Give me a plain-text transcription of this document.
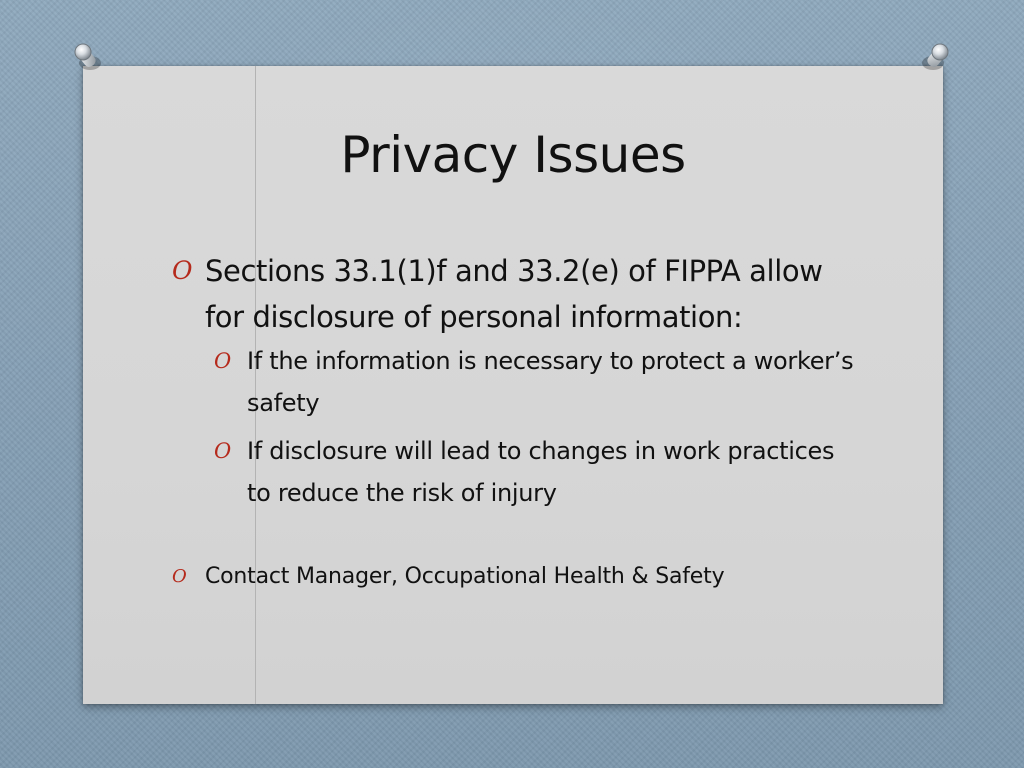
Privacy Issues
O Sections 33.1(1)f and 33.2(e) of FIPPA allow for disclosure of personal information:
O If the information is necessary to protect a worker’s safety
O If disclosure will lead to changes in work practices to reduce the risk of injury
O Contact Manager, Occupational Health & Safety
